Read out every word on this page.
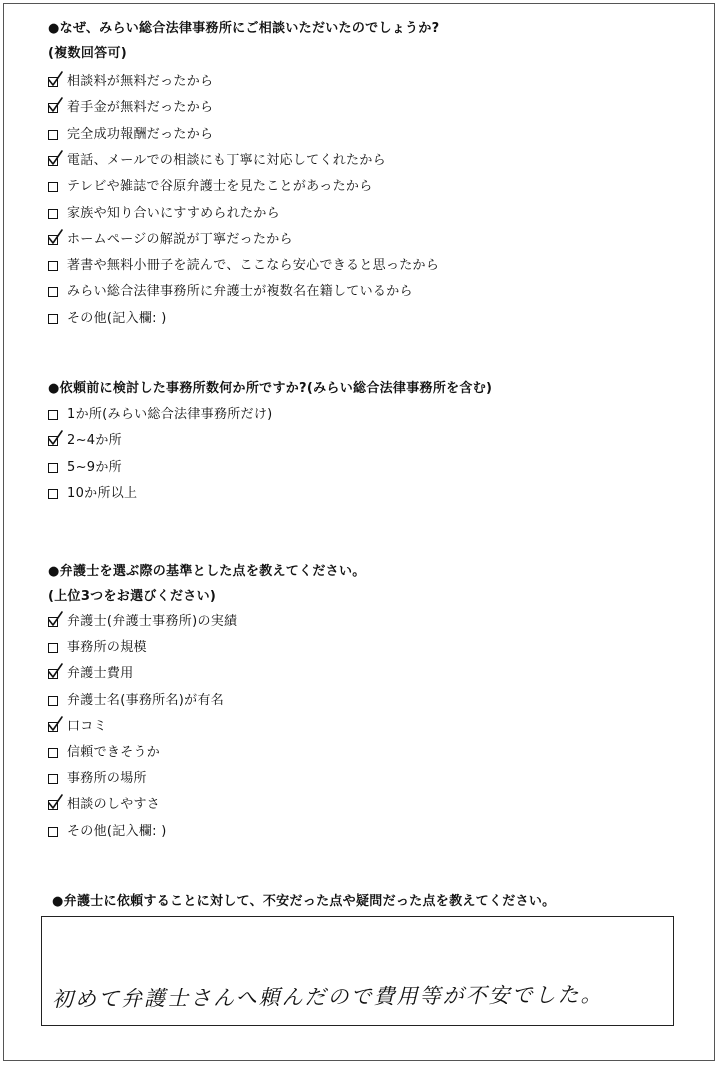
●なぜ、みらい総合法律事務所にご相談いただいたのでしょうか?
(複数回答可)
相談料が無料だったから
着手金が無料だったから
完全成功報酬だったから
電話、メールでの相談にも丁寧に対応してくれたから
テレビや雑誌で谷原弁護士を見たことがあったから
家族や知り合いにすすめられたから
ホームページの解説が丁寧だったから
著書や無料小冊子を読んで、ここなら安心できると思ったから
みらい総合法律事務所に弁護士が複数名在籍しているから
その他(記入欄: )
●依頼前に検討した事務所数何か所ですか?(みらい総合法律事務所を含む)
1か所(みらい総合法律事務所だけ)
2~4か所
5~9か所
10か所以上
●弁護士を選ぶ際の基準とした点を教えてください。
(上位3つをお選びください)
弁護士(弁護士事務所)の実績
事務所の規模
弁護士費用
弁護士名(事務所名)が有名
口コミ
信頼できそうか
事務所の場所
相談のしやすさ
その他(記入欄: )
●弁護士に依頼することに対して、不安だった点や疑問だった点を教えてください。
初めて弁護士さんへ頼んだので費用等が不安でした。
